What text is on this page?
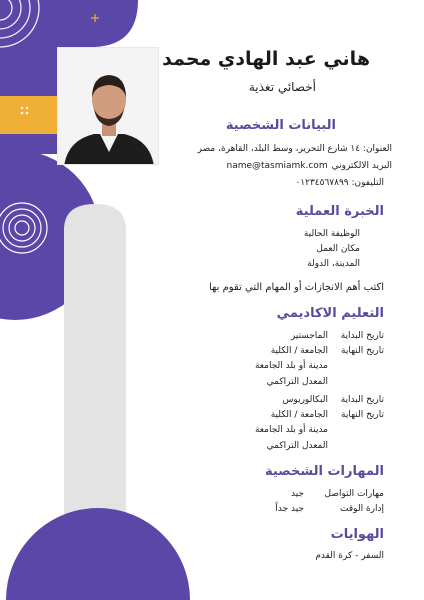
هاني عبد الهادي محمد
أخصائي تغذية
البيانات الشخصية
العنوان: ١٤ شارع التحرير، وسط البلد، القاهرة، مصر
name@tasmiamk.com البريد الالكتروني
التليفون: ٠١٢٣٤٥٦٧٨٩٩
الخبرة العملية
الوظيفة الحالية
مكان العمل
المدينة، الدولة
اكتب أهم الانجازات أو المهام التي تقوم بها
التعليم الاكاديمي
تاريخ البداية
تاريخ النهاية
الماجستير
الجامعة / الكلية
مدينة أو بلد الجامعة
المعدل التراكمي
تاريخ البداية
تاريخ النهاية
البكالوريوس
الجامعة / الكلية
مدينة أو بلد الجامعة
المعدل التراكمي
المهارات الشخصية
مهارات التواصل
جيد
إدارة الوقت
جيد جداً
الهوايات
السفر - كرة القدم
